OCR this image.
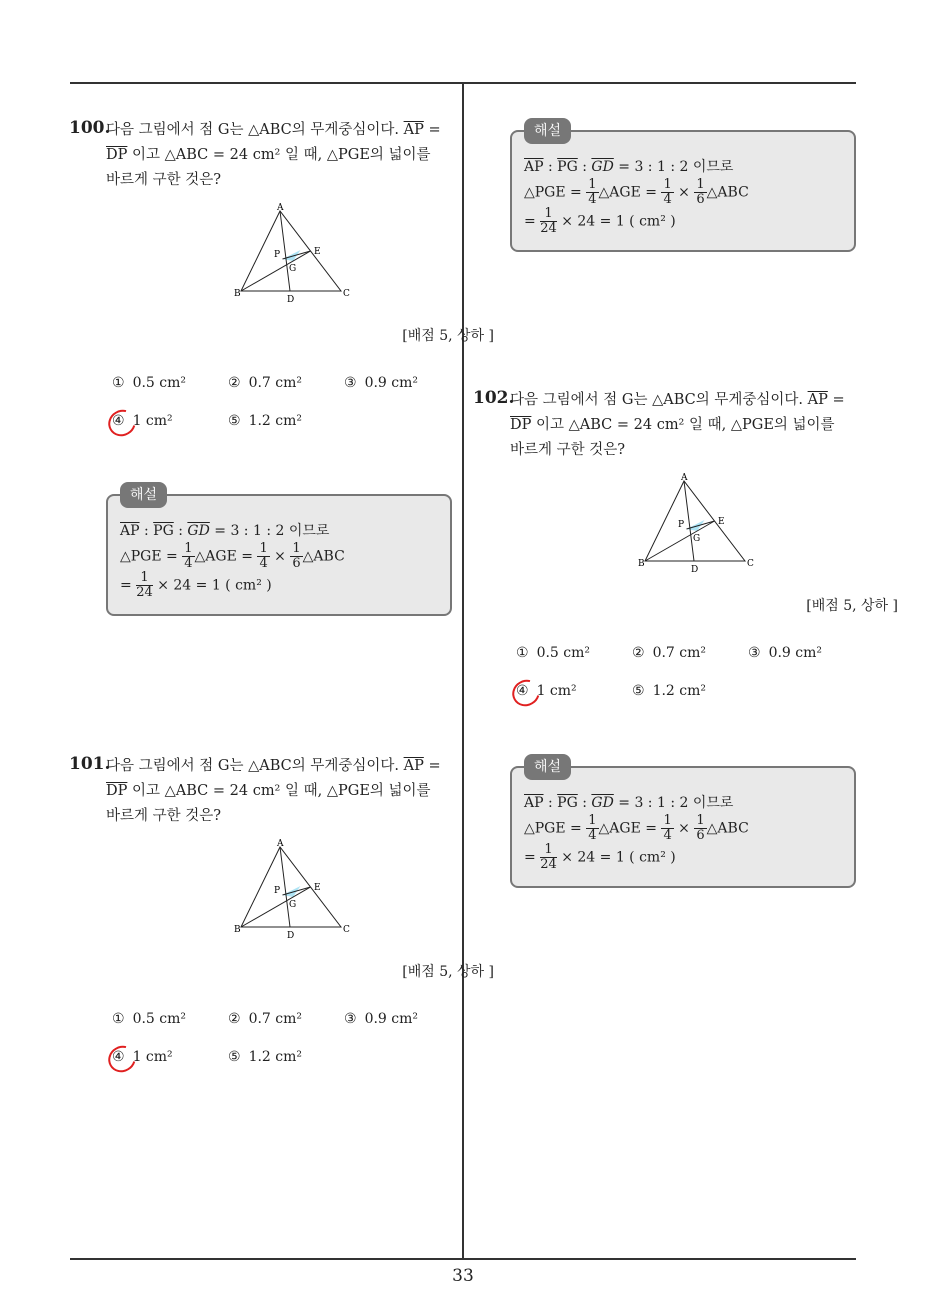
100.

다음 그림에서 점 G는 △ABC의 무게중심이다. $\overline{AP}$ =
$\overline{DP}$ 이고 △ABC = 24 cm² 일 때, △PGE의 넓이를
바르게 구한 것은?

A
B	C
D
E
P
G
[배점 5, 상하 ]
① 0.5 cm²	② 0.7 cm²	③ 0.9 cm²
④ 1 cm²	⑤ 1.2 cm²
해설
$\overline{AP}$ : $\overline{PG}$ : $\overline{GD} = 3$ : 1 : 2 이므로
△PGE = $\frac{1}{4}$ △AGE = $\frac{1}{4} \times \frac{1}{6}$ △ABC
= $\frac{1}{24} \times 24 = 1$ ( cm² )
101.

다음 그림에서 점 G는 △ABC의 무게중심이다. $\overline{AP}$ =
$\overline{DP}$ 이고 △ABC = 24 cm² 일 때, △PGE의 넓이를
바르게 구한 것은?

A
B	C
D
E
P
G
[배점 5, 상하 ]
① 0.5 cm²	② 0.7 cm²	③ 0.9 cm²
④ 1 cm²	⑤ 1.2 cm²
해설
$\overline{AP}$ : $\overline{PG}$ : $\overline{GD} = 3$ : 1 : 2 이므로
△PGE = $\frac{1}{4}$ △AGE = $\frac{1}{4} \times \frac{1}{6}$ △ABC
= $\frac{1}{24} \times 24 = 1$ ( cm² )
102.

다음 그림에서 점 G는 △ABC의 무게중심이다. $\overline{AP}$ =
$\overline{DP}$ 이고 △ABC = 24 cm² 일 때, △PGE의 넓이를
바르게 구한 것은?

A
B	C
D
E
P
G
[배점 5, 상하 ]
① 0.5 cm²	② 0.7 cm²	③ 0.9 cm²
④ 1 cm²	⑤ 1.2 cm²
해설
$\overline{AP}$ : $\overline{PG}$ : $\overline{GD} = 3$ : 1 : 2 이므로
△PGE = $\frac{1}{4}$ △AGE = $\frac{1}{4} \times \frac{1}{6}$ △ABC
= $\frac{1}{24} \times 24 = 1$ ( cm² )
33
